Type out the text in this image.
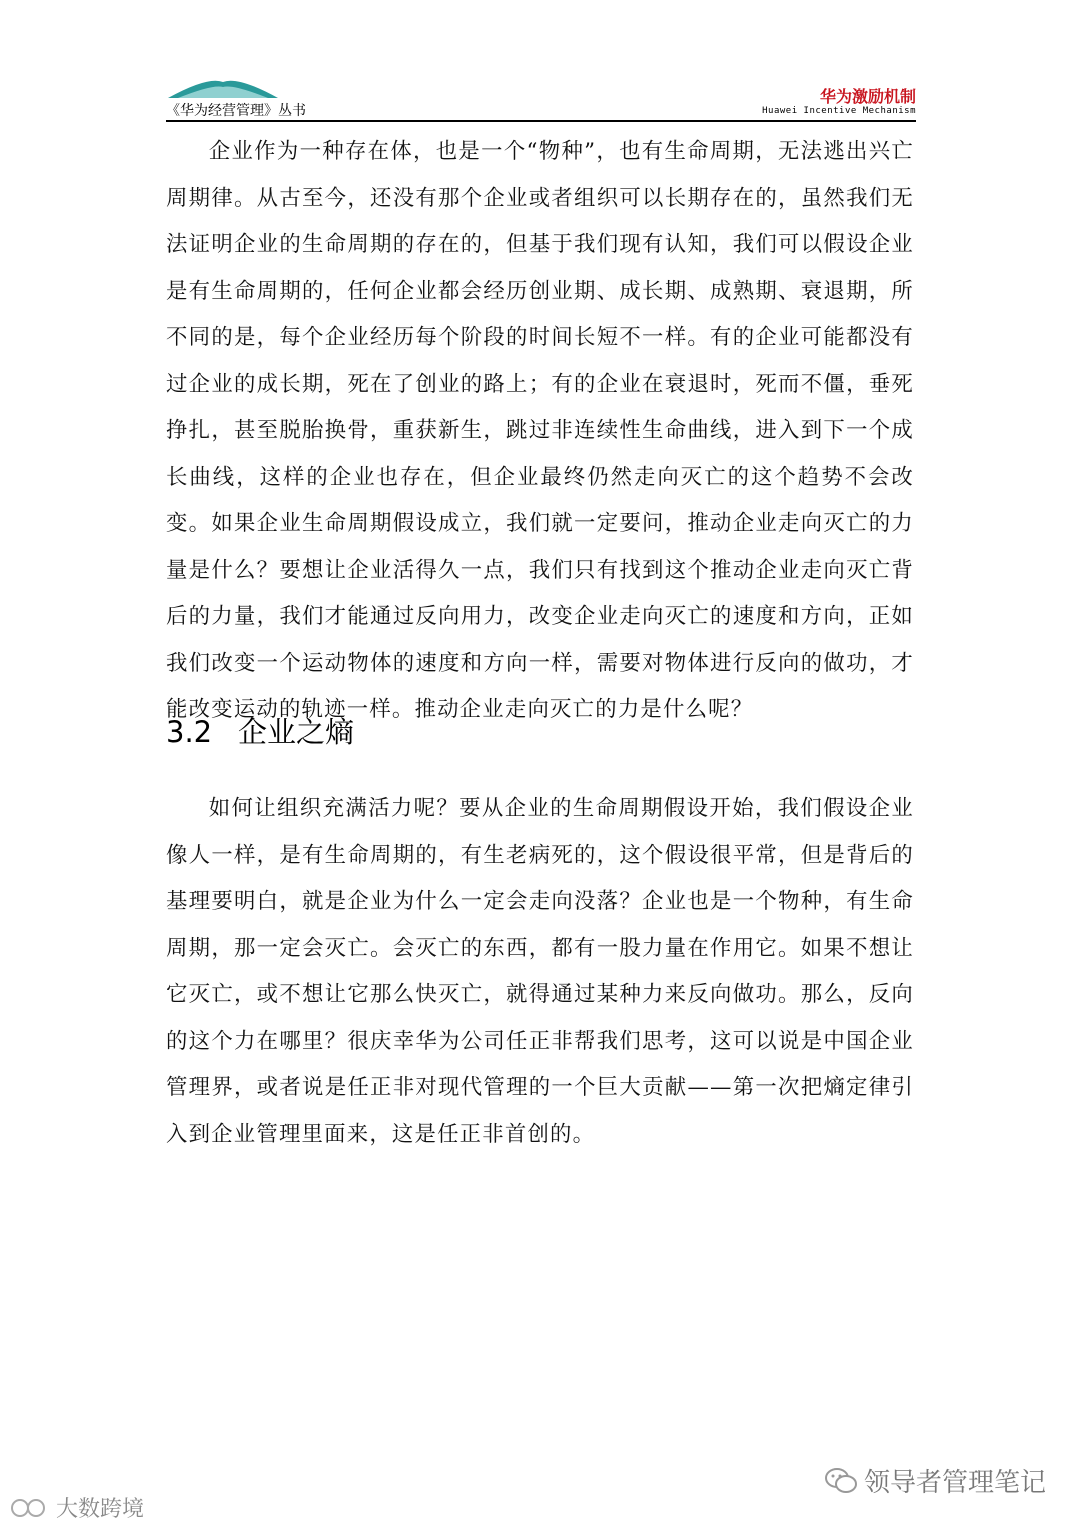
《华为经营管理》丛书
华为激励机制
Huawei Incentive Mechanism

企业作为一种存在体，也是一个“物种”，也有生命周期，无法逃出兴亡周期律。从古至今，还没有那个企业或者组织可以长期存在的，虽然我们无法证明企业的生命周期的存在的，但基于我们现有认知，我们可以假设企业是有生命周期的，任何企业都会经历创业期、成长期、成熟期、衰退期，所不同的是，每个企业经历每个阶段的时间长短不一样。有的企业可能都没有过企业的成长期，死在了创业的路上；有的企业在衰退时，死而不僵，垂死挣扎，甚至脱胎换骨，重获新生，跳过非连续性生命曲线，进入到下一个成长曲线，这样的企业也存在，但企业最终仍然走向灭亡的这个趋势不会改变。如果企业生命周期假设成立，我们就一定要问，推动企业走向灭亡的力量是什么？要想让企业活得久一点，我们只有找到这个推动企业走向灭亡背后的力量，我们才能通过反向用力，改变企业走向灭亡的速度和方向，正如我们改变一个运动物体的速度和方向一样，需要对物体进行反向的做功，才能改变运动的轨迹一样。推动企业走向灭亡的力是什么呢？

3.2 企业之熵

如何让组织充满活力呢？要从企业的生命周期假设开始，我们假设企业像人一样，是有生命周期的，有生老病死的，这个假设很平常，但是背后的基理要明白，就是企业为什么一定会走向没落？企业也是一个物种，有生命周期，那一定会灭亡。会灭亡的东西，都有一股力量在作用它。如果不想让它灭亡，或不想让它那么快灭亡，就得通过某种力来反向做功。那么，反向的这个力在哪里？很庆幸华为公司任正非帮我们思考，这可以说是中国企业管理界，或者说是任正非对现代管理的一个巨大贡献——第一次把熵定律引入到企业管理里面来，这是任正非首创的。

领导者管理笔记
大数跨境
